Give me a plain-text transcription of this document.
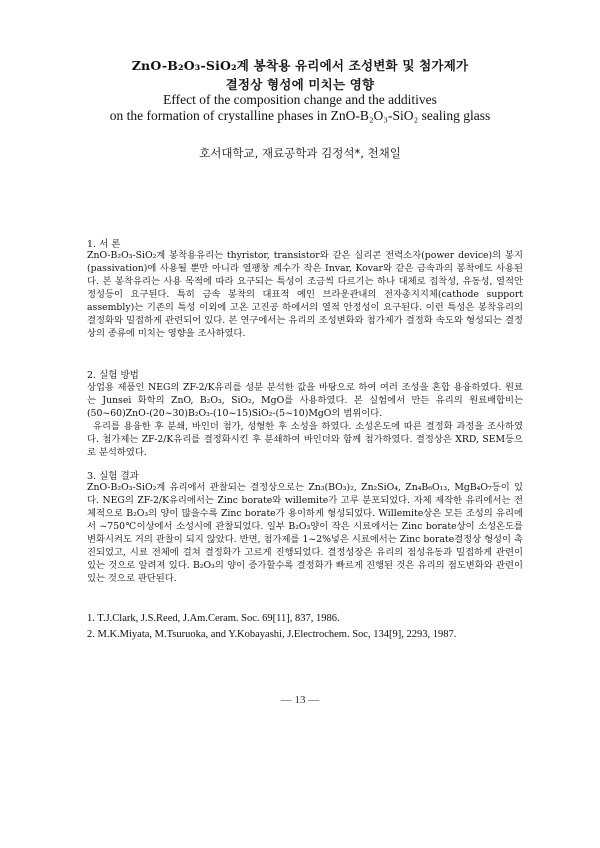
ZnO-B₂O₃-SiO₂계 봉착용 유리에서 조성변화 및 첨가제가
결정상 형성에 미치는 영향
Effect of the composition change and the additives
on the formation of crystalline phases in ZnO-B₂O₃-SiO₂ sealing glass
호서대학교, 재료공학과 김정석*, 천채일
1. 서 론

ZnO-B₂O₃-SiO₂계 봉착용유리는 thyristor, transistor와 같은 실리콘 전력소자(power device)의 봉지(passivation)에 사용될 뿐만 아니라 열팽창 계수가 작은 Invar, Kovar와 같은 금속과의 봉착에도 사용된다. 본 봉착유리는 사용 목적에 따라 요구되는 특성이 조금씩 다르기는 하나 대체로 접착성, 유동성, 열적안정성등이 요구된다. 특히 금속 봉착의 대표적 예인 브라운관내의 전자총지지체(cathode support assembly)는 기존의 특성 이외에 고온 고진공 하에서의 열적 안정성이 요구된다. 이런 특성은 봉착유리의 결정화와 밀접하게 관련되어 있다. 본 연구에서는 유리의 조성변화와 첨가제가 결정화 속도와 형성되는 결정상의 종류에 미치는 영향을 조사하였다.

2. 실험 방법

상업용 제품인 NEG의 ZF-2/K유리를 성분 분석한 값을 바탕으로 하여 여러 조성을 혼합 용융하였다. 원료는 Junsei 화학의 ZnO, B₂O₃, SiO₂, MgO를 사용하였다. 본 실험에서 만든 유리의 원료배합비는 (50~60)ZnO-(20~30)B₂O₃-(10~15)SiO₂-(5~10)MgO의 범위이다.

유리를 용융한 후 분쇄, 바인더 첨가, 성형한 후 소성을 하였다. 소성온도에 따른 결정화 과정을 조사하였다. 첨가제는 ZF-2/K유리를 결정화시킨 후 분쇄하여 바인더와 함께 첨가하였다. 결정상은 XRD, SEM등으로 분석하였다.

3. 실험 결과

ZnO-B₂O₃-SiO₂계 유리에서 관찰되는 결정상으로는 Zn₃(BO₃)₂, Zn₂SiO₄, Zn₄B₆O₁₃, MgB₄O₇등이 있다. NEG의 ZF-2/K유리에서는 Zinc borate와 willemite가 고루 분포되었다. 자체 제작한 유리에서는 전체적으로 B₂O₃의 양이 많을수록 Zinc borate가 용이하게 형성되었다. Willemite상은 모든 조성의 유리에서 ~750℃이상에서 소성시에 관찰되었다. 일부 B₂O₃양이 작은 시료에서는 Zinc borate상이 소성온도를 변화시켜도 거의 관찰이 되지 않았다. 반면, 첨가제를 1~2%넣은 시료에서는 Zinc borate결정상 형성이 촉진되었고, 시료 전체에 걸쳐 결정화가 고르게 진행되었다. 결정성장은 유리의 점성유동과 밀접하게 관련이 있는 것으로 알려져 있다. B₂O₃의 양이 증가할수록 결정화가 빠르게 진행된 것은 유리의 점도변화와 관련이 있는 것으로 판단된다.

1. T.J.Clark, J.S.Reed, J.Am.Ceram. Soc. 69[11], 837, 1986.
2. M.K.Miyata, M.Tsuruoka, and Y.Kobayashi, J.Electrochem. Soc, 134[9], 2293, 1987.
— 13 —
